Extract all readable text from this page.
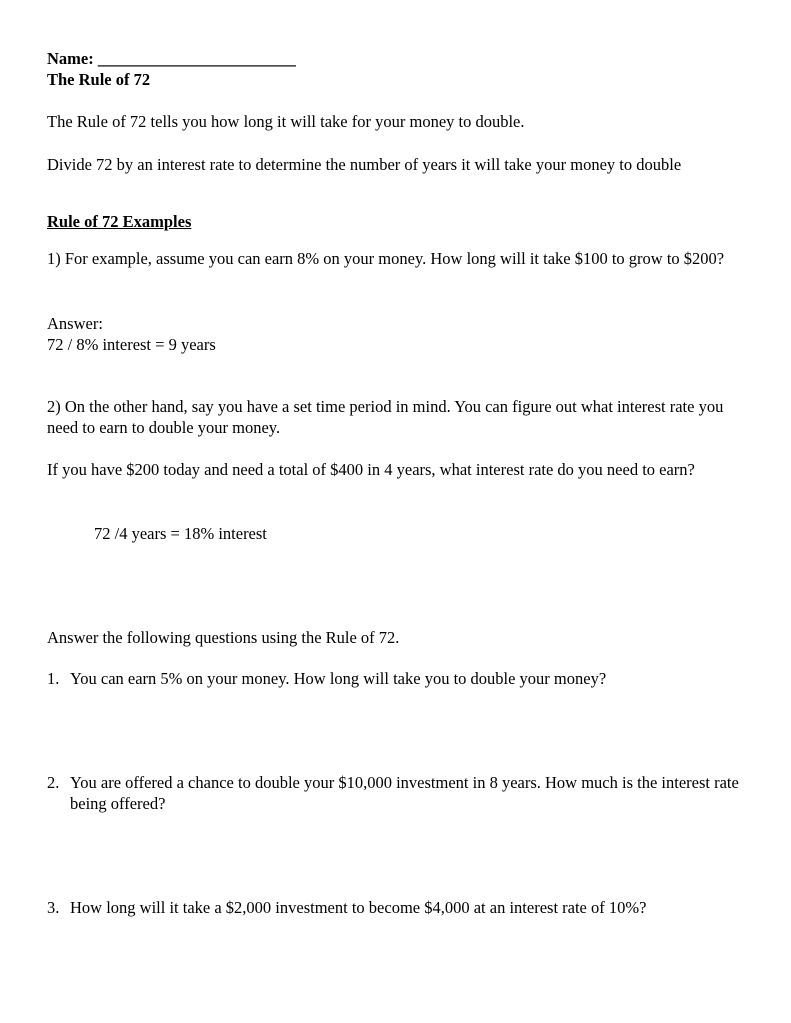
Name: ________________________
The Rule of 72
The Rule of 72 tells you how long it will take for your money to double.
Divide 72 by an interest rate to determine the number of years it will take your money to double
Rule of 72 Examples
1) For example, assume you can earn 8% on your money. How long will it take $100 to grow to $200?
Answer:
72 / 8% interest = 9 years
2) On the other hand, say you have a set time period in mind. You can figure out what interest rate you need to earn to double your money.
If you have $200 today and need a total of $400 in 4 years, what interest rate do you need to earn?
72 /4 years = 18% interest
Answer the following questions using the Rule of 72.
1. You can earn 5% on your money. How long will take you to double your money?
2. You are offered a chance to double your $10,000 investment in 8 years. How much is the interest rate being offered?
3. How long will it take a $2,000 investment to become $4,000 at an interest rate of 10%?
